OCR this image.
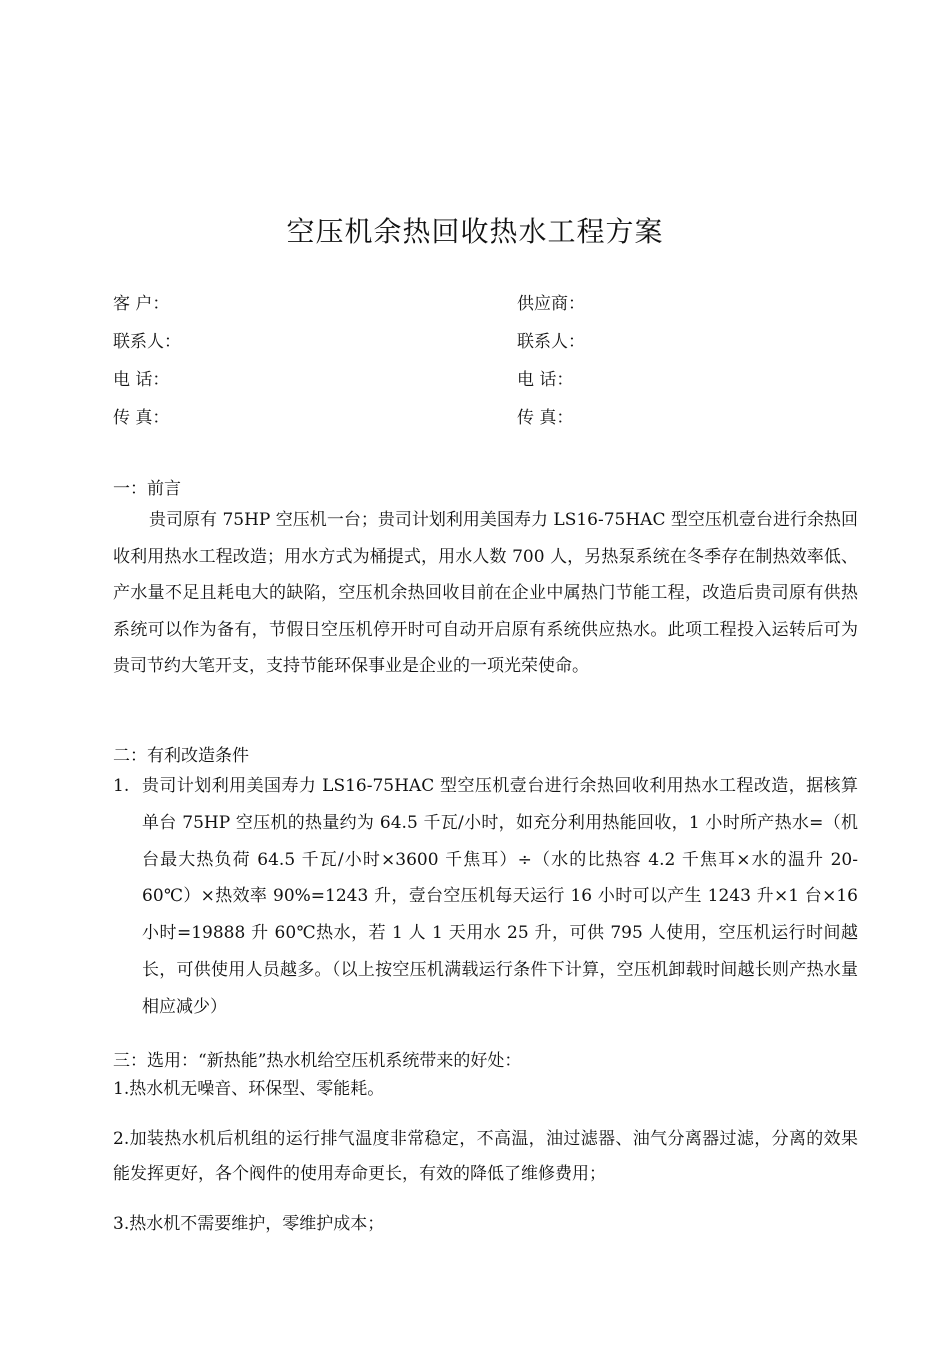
空压机余热回收热水工程方案
客 户：
联系人：
电 话：
传 真：
供应商：
联系人：
电 话：
传 真：
一：前言

贵司原有 75HP 空压机一台；贵司计划利用美国寿力 LS16-75HAC 型空压机壹台进行余热回收利用热水工程改造；用水方式为桶提式，用水人数 700 人，另热泵系统在冬季存在制热效率低、产水量不足且耗电大的缺陷，空压机余热回收目前在企业中属热门节能工程，改造后贵司原有供热系统可以作为备有，节假日空压机停开时可自动开启原有系统供应热水。此项工程投入运转后可为贵司节约大笔开支，支持节能环保事业是企业的一项光荣使命。

二：有利改造条件
1. 贵司计划利用美国寿力 LS16-75HAC 型空压机壹台进行余热回收利用热水工程改造，据核算单台 75HP 空压机的热量约为 64.5 千瓦/小时，如充分利用热能回收，1 小时所产热水=（机台最大热负荷 64.5 千瓦/小时×3600 千焦耳）÷（水的比热容 4.2 千焦耳×水的温升 20-60℃）×热效率 90%=1243 升，壹台空压机每天运行 16 小时可以产生 1243 升×1 台×16 小时=19888 升 60℃热水，若 1 人 1 天用水 25 升，可供 795 人使用，空压机运行时间越长，可供使用人员越多。（以上按空压机满载运行条件下计算，空压机卸载时间越长则产热水量相应减少）
三：选用：“新热能”热水机给空压机系统带来的好处：
1.热水机无噪音、环保型、零能耗。
2.加装热水机后机组的运行排气温度非常稳定，不高温，油过滤器、油气分离器过滤，分离的效果能发挥更好，各个阀件的使用寿命更长，有效的降低了维修费用；
3.热水机不需要维护，零维护成本；
